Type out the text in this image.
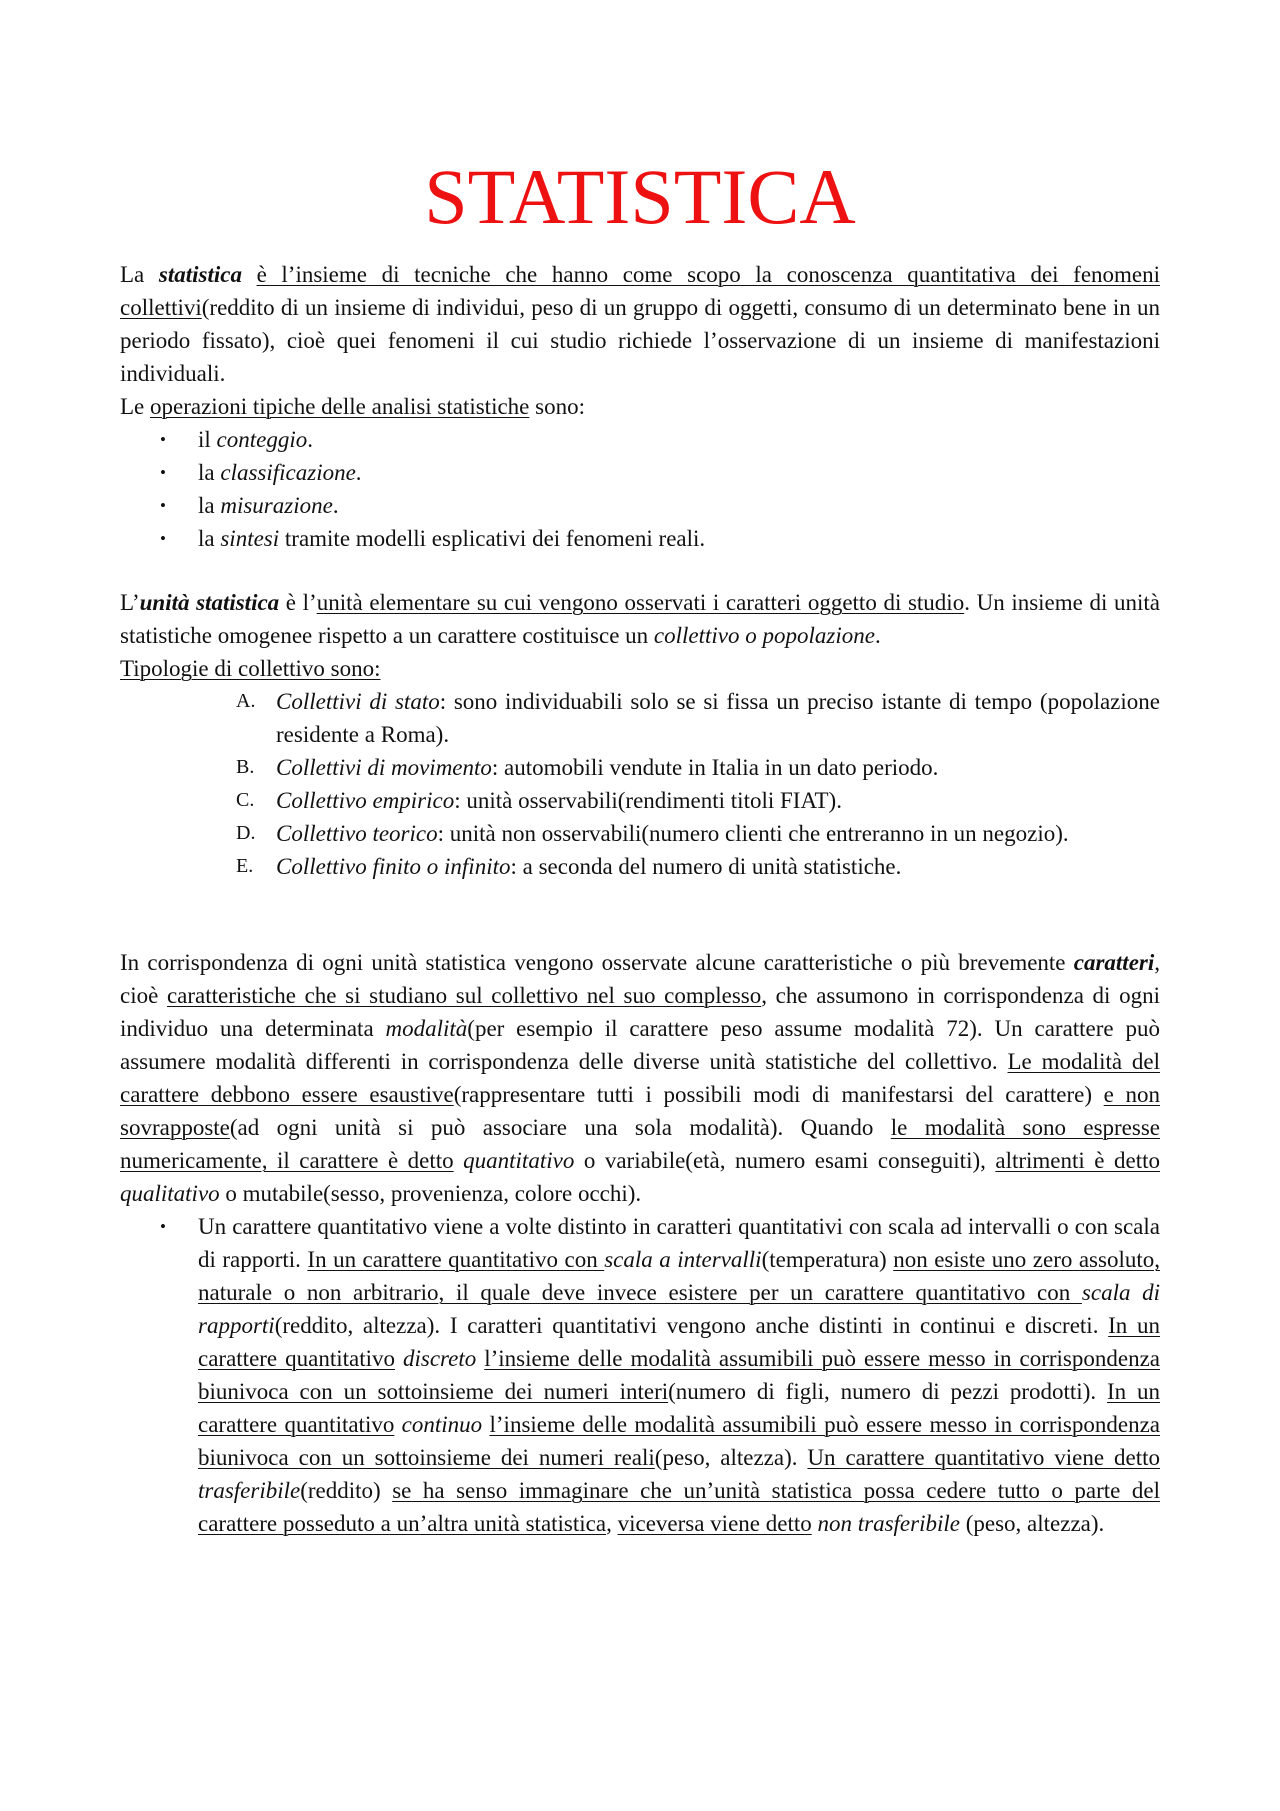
STATISTICA

La statistica è l’insieme di tecniche che hanno come scopo la conoscenza quantitativa dei fenomeni collettivi(reddito di un insieme di individui, peso di un gruppo di oggetti, consumo di un determinato bene in un periodo fissato), cioè quei fenomeni il cui studio richiede l’osservazione di un insieme di manifestazioni individuali.

Le operazioni tipiche delle analisi statistiche sono:

• il conteggio.
• la classificazione.
• la misurazione.
• la sintesi tramite modelli esplicativi dei fenomeni reali.

L’unità statistica è l’unità elementare su cui vengono osservati i caratteri oggetto di studio. Un insieme di unità statistiche omogenee rispetto a un carattere costituisce un collettivo o popolazione.

Tipologie di collettivo sono:

A. Collettivi di stato: sono individuabili solo se si fissa un preciso istante di tempo (popolazione residente a Roma).
B. Collettivi di movimento: automobili vendute in Italia in un dato periodo.
C. Collettivo empirico: unità osservabili(rendimenti titoli FIAT).
D. Collettivo teorico: unità non osservabili(numero clienti che entreranno in un negozio).
E. Collettivo finito o infinito: a seconda del numero di unità statistiche.

In corrispondenza di ogni unità statistica vengono osservate alcune caratteristiche o più brevemente caratteri, cioè caratteristiche che si studiano sul collettivo nel suo complesso, che assumono in corrispondenza di ogni individuo una determinata modalità(per esempio il carattere peso assume modalità 72). Un carattere può assumere modalità differenti in corrispondenza delle diverse unità statistiche del collettivo. Le modalità del carattere debbono essere esaustive(rappresentare tutti i possibili modi di manifestarsi del carattere) e non sovrapposte(ad ogni unità si può associare una sola modalità). Quando le modalità sono espresse numericamente, il carattere è detto quantitativo o variabile(età, numero esami conseguiti), altrimenti è detto qualitativo o mutabile(sesso, provenienza, colore occhi).

• Un carattere quantitativo viene a volte distinto in caratteri quantitativi con scala ad intervalli o con scala di rapporti. In un carattere quantitativo con scala a intervalli(temperatura) non esiste uno zero assoluto, naturale o non arbitrario, il quale deve invece esistere per un carattere quantitativo con scala di rapporti(reddito, altezza). I caratteri quantitativi vengono anche distinti in continui e discreti. In un carattere quantitativo discreto l’insieme delle modalità assumibili può essere messo in corrispondenza biunivoca con un sottoinsieme dei numeri interi(numero di figli, numero di pezzi prodotti). In un carattere quantitativo continuo l’insieme delle modalità assumibili può essere messo in corrispondenza biunivoca con un sottoinsieme dei numeri reali(peso, altezza). Un carattere quantitativo viene detto trasferibile(reddito) se ha senso immaginare che un’unità statistica possa cedere tutto o parte del carattere posseduto a un’altra unità statistica, viceversa viene detto non trasferibile (peso, altezza).
